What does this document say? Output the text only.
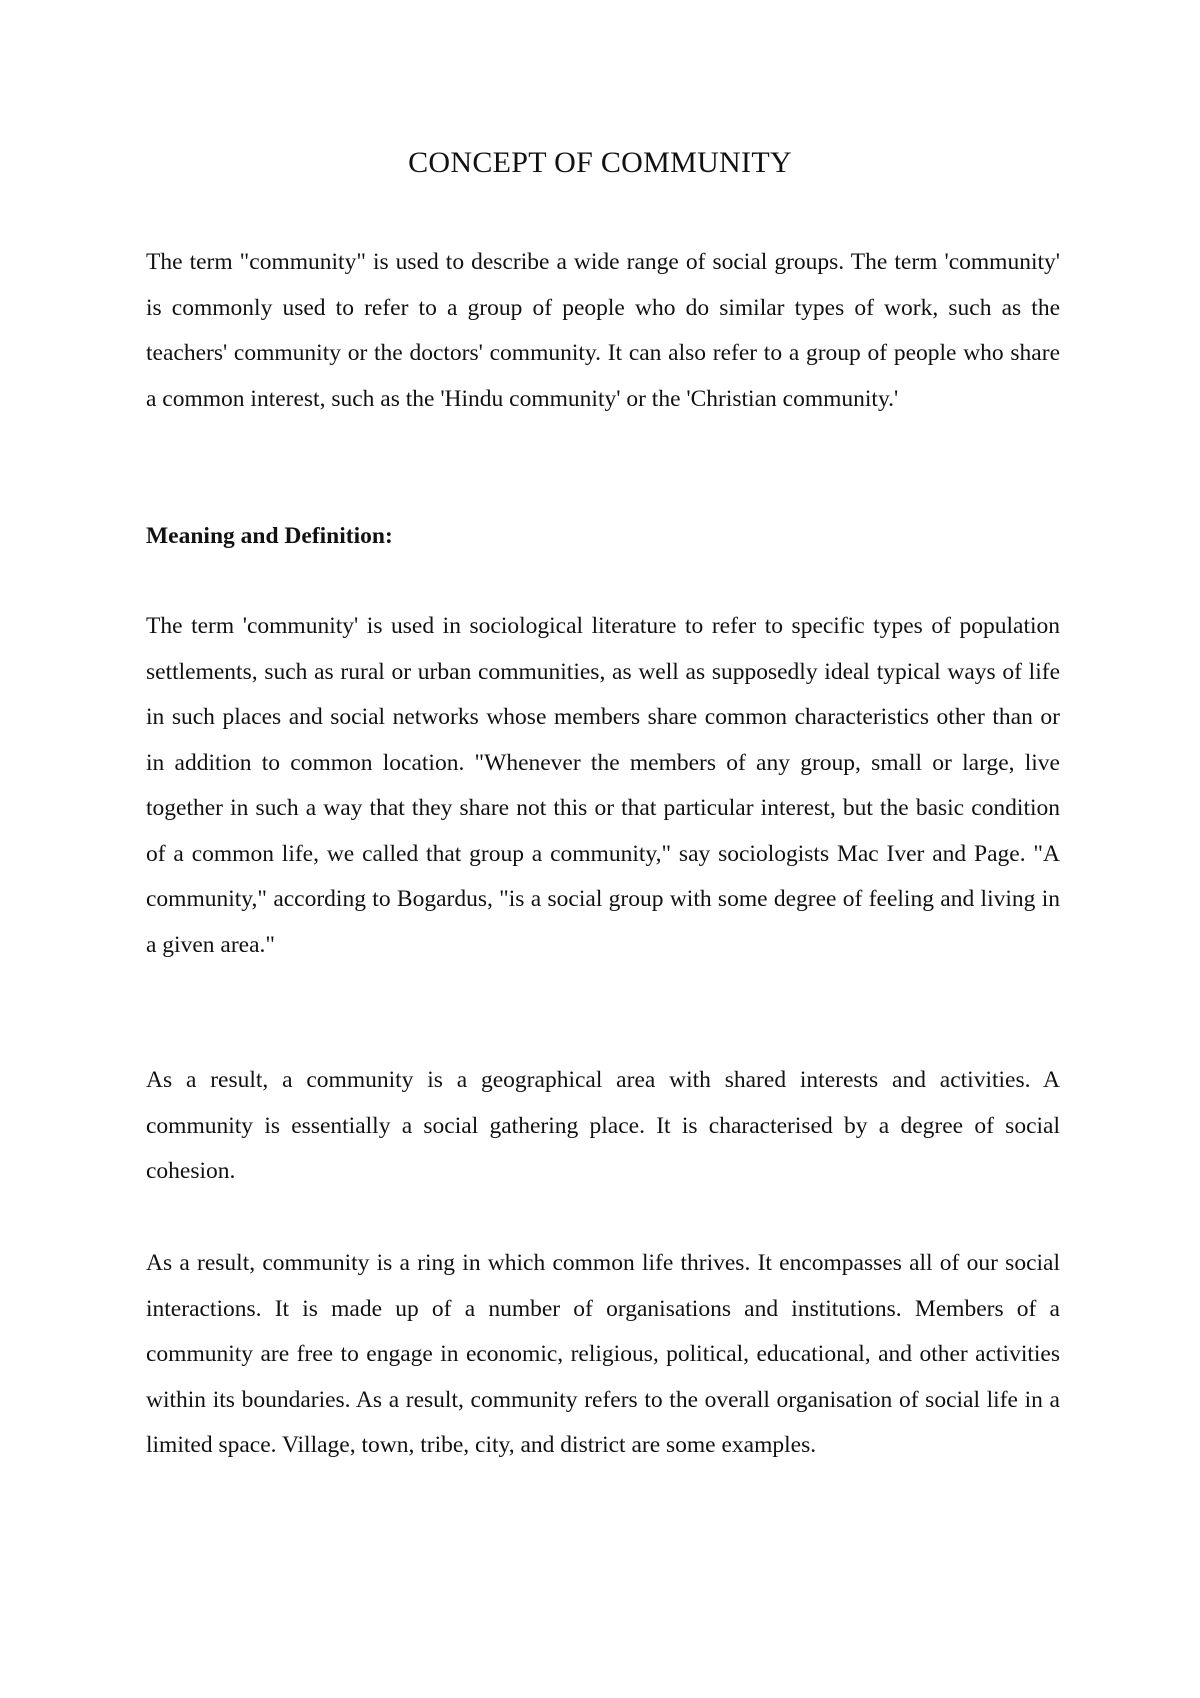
CONCEPT OF COMMUNITY

The term "community" is used to describe a wide range of social groups. The term 'community' is commonly used to refer to a group of people who do similar types of work, such as the teachers' community or the doctors' community. It can also refer to a group of people who share a common interest, such as the 'Hindu community' or the 'Christian community.'

Meaning and Definition:

The term 'community' is used in sociological literature to refer to specific types of population settlements, such as rural or urban communities, as well as supposedly ideal typical ways of life in such places and social networks whose members share common characteristics other than or in addition to common location. "Whenever the members of any group, small or large, live together in such a way that they share not this or that particular interest, but the basic condition of a common life, we called that group a community," say sociologists Mac Iver and Page. "A community," according to Bogardus, "is a social group with some degree of feeling and living in a given area."

As a result, a community is a geographical area with shared interests and activities. A community is essentially a social gathering place. It is characterised by a degree of social cohesion.

As a result, community is a ring in which common life thrives. It encompasses all of our social interactions. It is made up of a number of organisations and institutions. Members of a community are free to engage in economic, religious, political, educational, and other activities within its boundaries. As a result, community refers to the overall organisation of social life in a limited space. Village, town, tribe, city, and district are some examples.
